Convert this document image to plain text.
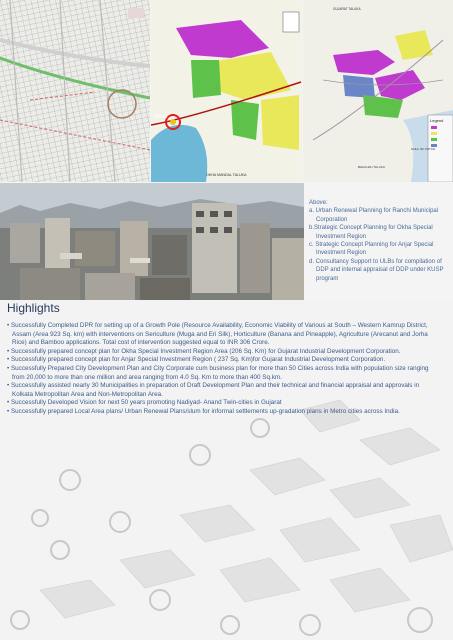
OKHA
OKHA MANDAL TALUKA
Legend
GUJARAT TALUKA
GULF OF KUTCH
BHACHAU TALUKA
Above:
a. Urban Renewal Planning for Ranchi Municipal Corporation
b.Strategic Concept Planning for Okha Special Investment Region
c. Strategic Concept Planning for Anjar Special Investment Region
d. Consultancy Support to ULBs for compilation of DDP and internal appraisal of DDP under KUSP program
Highlights
• Successfully Completed DPR for setting up of a Growth Pole (Resource Availability, Economic Viability of Various at South – Western Kamrup District, Assam (Area 923 Sq. km) with interventions on Sericulture (Muga and Eri Silk), Horticulture (Banana and Pineapple), Agriculture (Arecanut and Jorha Rice) and Bamboo applications. Total cost of intervention suggested equal to INR 306 Crore.
• Successfully prepared concept plan for Okha Special Investment Region Area (206 Sq. Km) for Gujarat Industrial Development Corporation.
• Successfully prepared concept plan for Anjar Special Investment Region ( 237 Sq. Km)for Gujarat Industrial Development Corporation.
• Successfully Prepared City Development Plan and City Corporate cum business plan for more than 50 Cities across India with population size ranging from 20,000 to more than one million and area ranging from 4.0 Sq. Km to more than 400 Sq.km.
• Successfully assisted nearly 30 Municipalities in preparation of Draft Development Plan and their technical and financial appraisal and approvals in Kolkata Metropolitan Area and Non-Metropolitan Area.
• Successfully Developed Vision for next 50 years promoting Nadiyad- Anand Twin-cities in Gujarat
• Successfully prepared Local Area plans/ Urban Renewal Plans/slum for informal settlements up-gradation plans in Metro cities across India.
